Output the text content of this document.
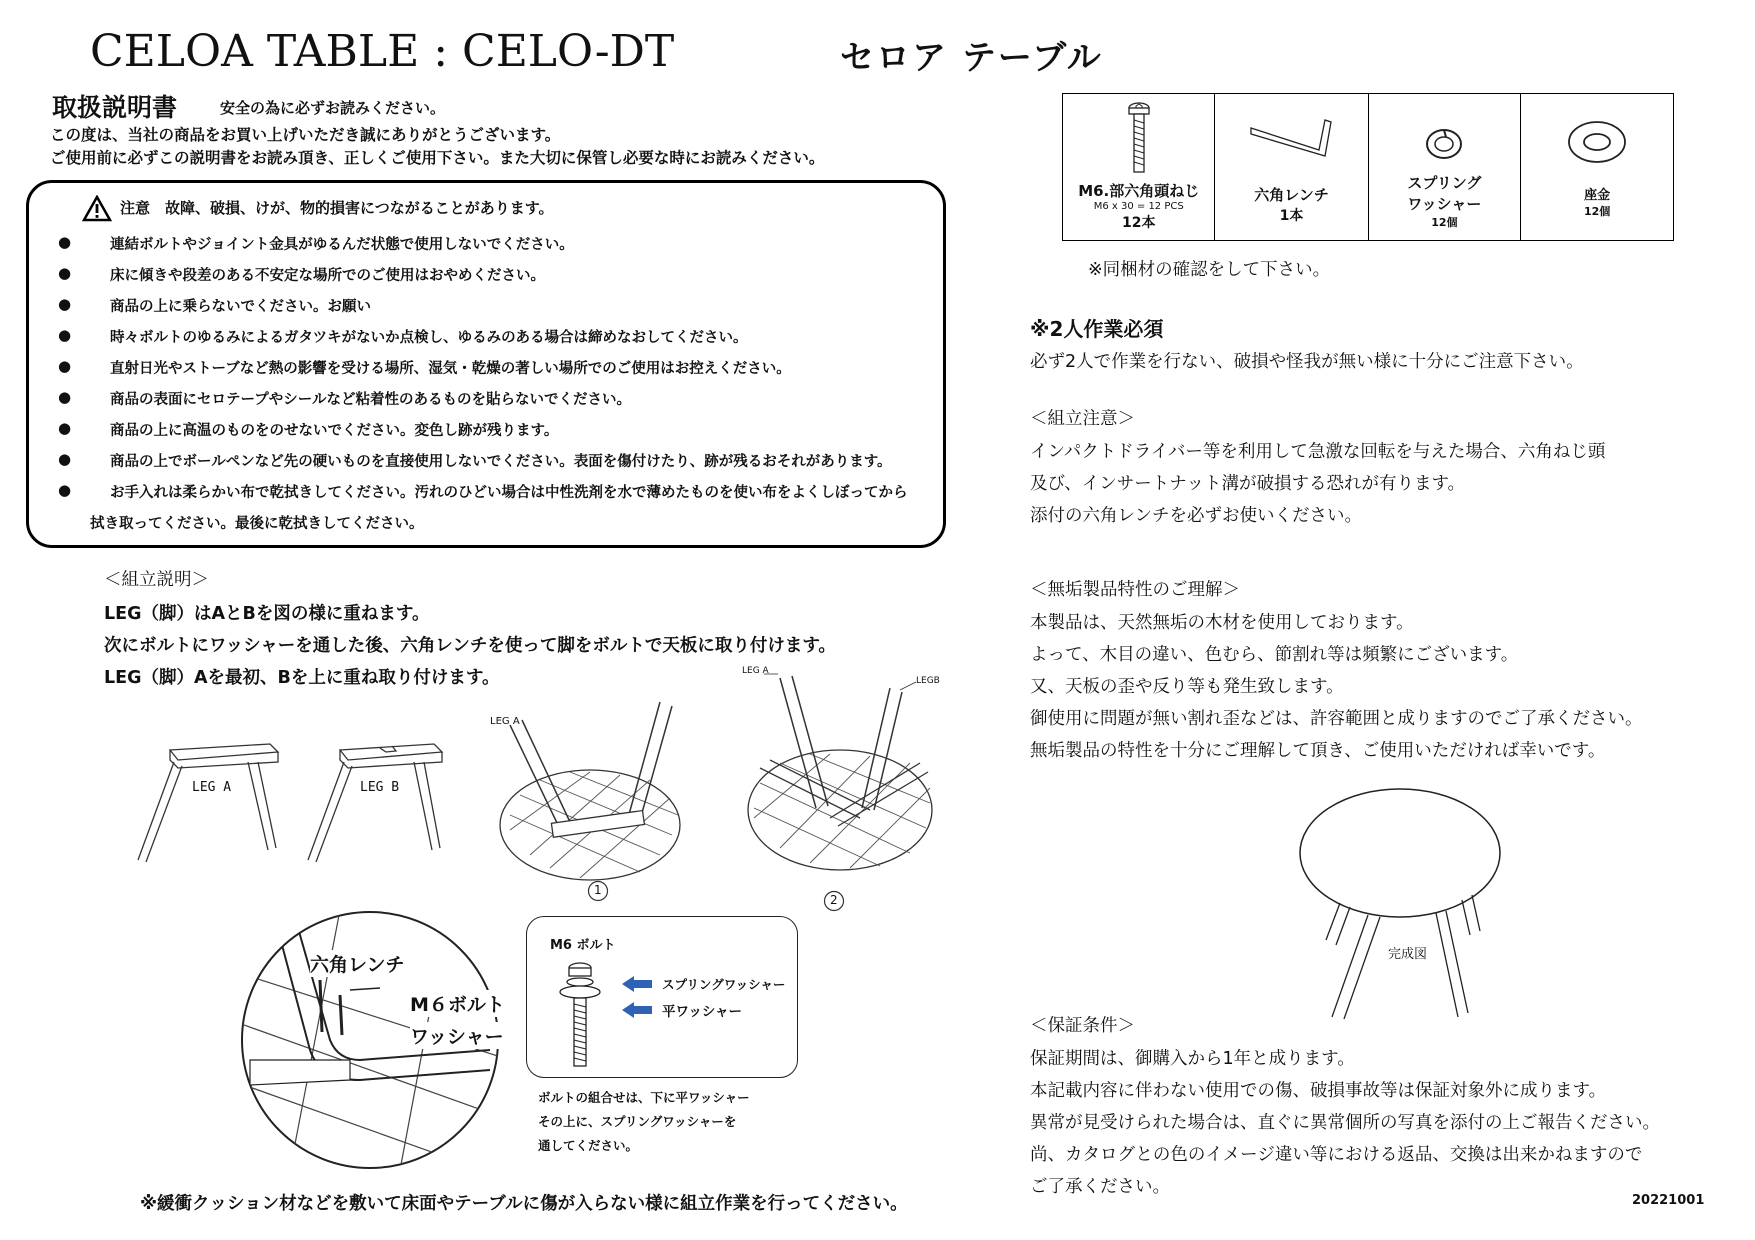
CELOA TABLE : CELO-DT	セロア テーブル
取扱説明書	安全の為に必ずお読みください。
この度は、当社の商品をお買い上げいただき誠にありがとうございます。
ご使用前に必ずこの説明書をお読み頂き、正しくご使用下さい。また大切に保管し必要な時にお読みください。
注意　故障、破損、けが、物的損害につながることがあります。
●	連結ボルトやジョイント金具がゆるんだ状態で使用しないでください。
●	床に傾きや段差のある不安定な場所でのご使用はおやめください。
●	商品の上に乗らないでください。お願い
●	時々ボルトのゆるみによるガタツキがないか点検し、ゆるみのある場合は締めなおしてください。
●	直射日光やストーブなど熱の影響を受ける場所、湿気・乾燥の著しい場所でのご使用はお控えください。
●	商品の表面にセロテープやシールなど粘着性のあるものを貼らないでください。
●	商品の上に高温のものをのせないでください。変色し跡が残ります。
●	商品の上でボールペンなど先の硬いものを直接使用しないでください。表面を傷付けたり、跡が残るおそれがあります。
●	お手入れは柔らかい布で乾拭きしてください。汚れのひどい場合は中性洗剤を水で薄めたものを使い布をよくしぼってから
拭き取ってください。最後に乾拭きしてください。
＜組立説明＞
LEG（脚）はAとBを図の様に重ねます。
次にボルトにワッシャーを通した後、六角レンチを使って脚をボルトで天板に取り付けます。
LEG（脚）Aを最初、Bを上に重ね取り付けます。
LEG A	LEG B
LEG A
1
LEG A
LEGB
2
六角レンチ
M６ボルト
ワッシャー
M6 ボルト
スプリングワッシャー
平ワッシャー
ボルトの組合せは、下に平ワッシャー
その上に、スプリングワッシャーを
通してください。
※緩衝クッション材などを敷いて床面やテーブルに傷が入らない様に組立作業を行ってください。
M6.部六角頭ねじ
M6 x 30 = 12 PCS
12本

六角レンチ
1本

スプリング
ワッシャー
12個

座金
12個
※同梱材の確認をして下さい。
※2人作業必須
必ず2人で作業を行ない、破損や怪我が無い様に十分にご注意下さい。
＜組立注意＞
インパクトドライバー等を利用して急激な回転を与えた場合、六角ねじ頭
及び、インサートナット溝が破損する恐れが有ります。
添付の六角レンチを必ずお使いください。
＜無垢製品特性のご理解＞
本製品は、天然無垢の木材を使用しております。
よって、木目の違い、色むら、節割れ等は頻繁にございます。
又、天板の歪や反り等も発生致します。
御使用に問題が無い割れ歪などは、許容範囲と成りますのでご了承ください。
無垢製品の特性を十分にご理解して頂き、ご使用いただければ幸いです。
完成図
＜保証条件＞
保証期間は、御購入から1年と成ります。
本記載内容に伴わない使用での傷、破損事故等は保証対象外に成ります。
異常が見受けられた場合は、直ぐに異常個所の写真を添付の上ご報告ください。
尚、カタログとの色のイメージ違い等における返品、交換は出来かねますので
ご了承ください。
20221001
